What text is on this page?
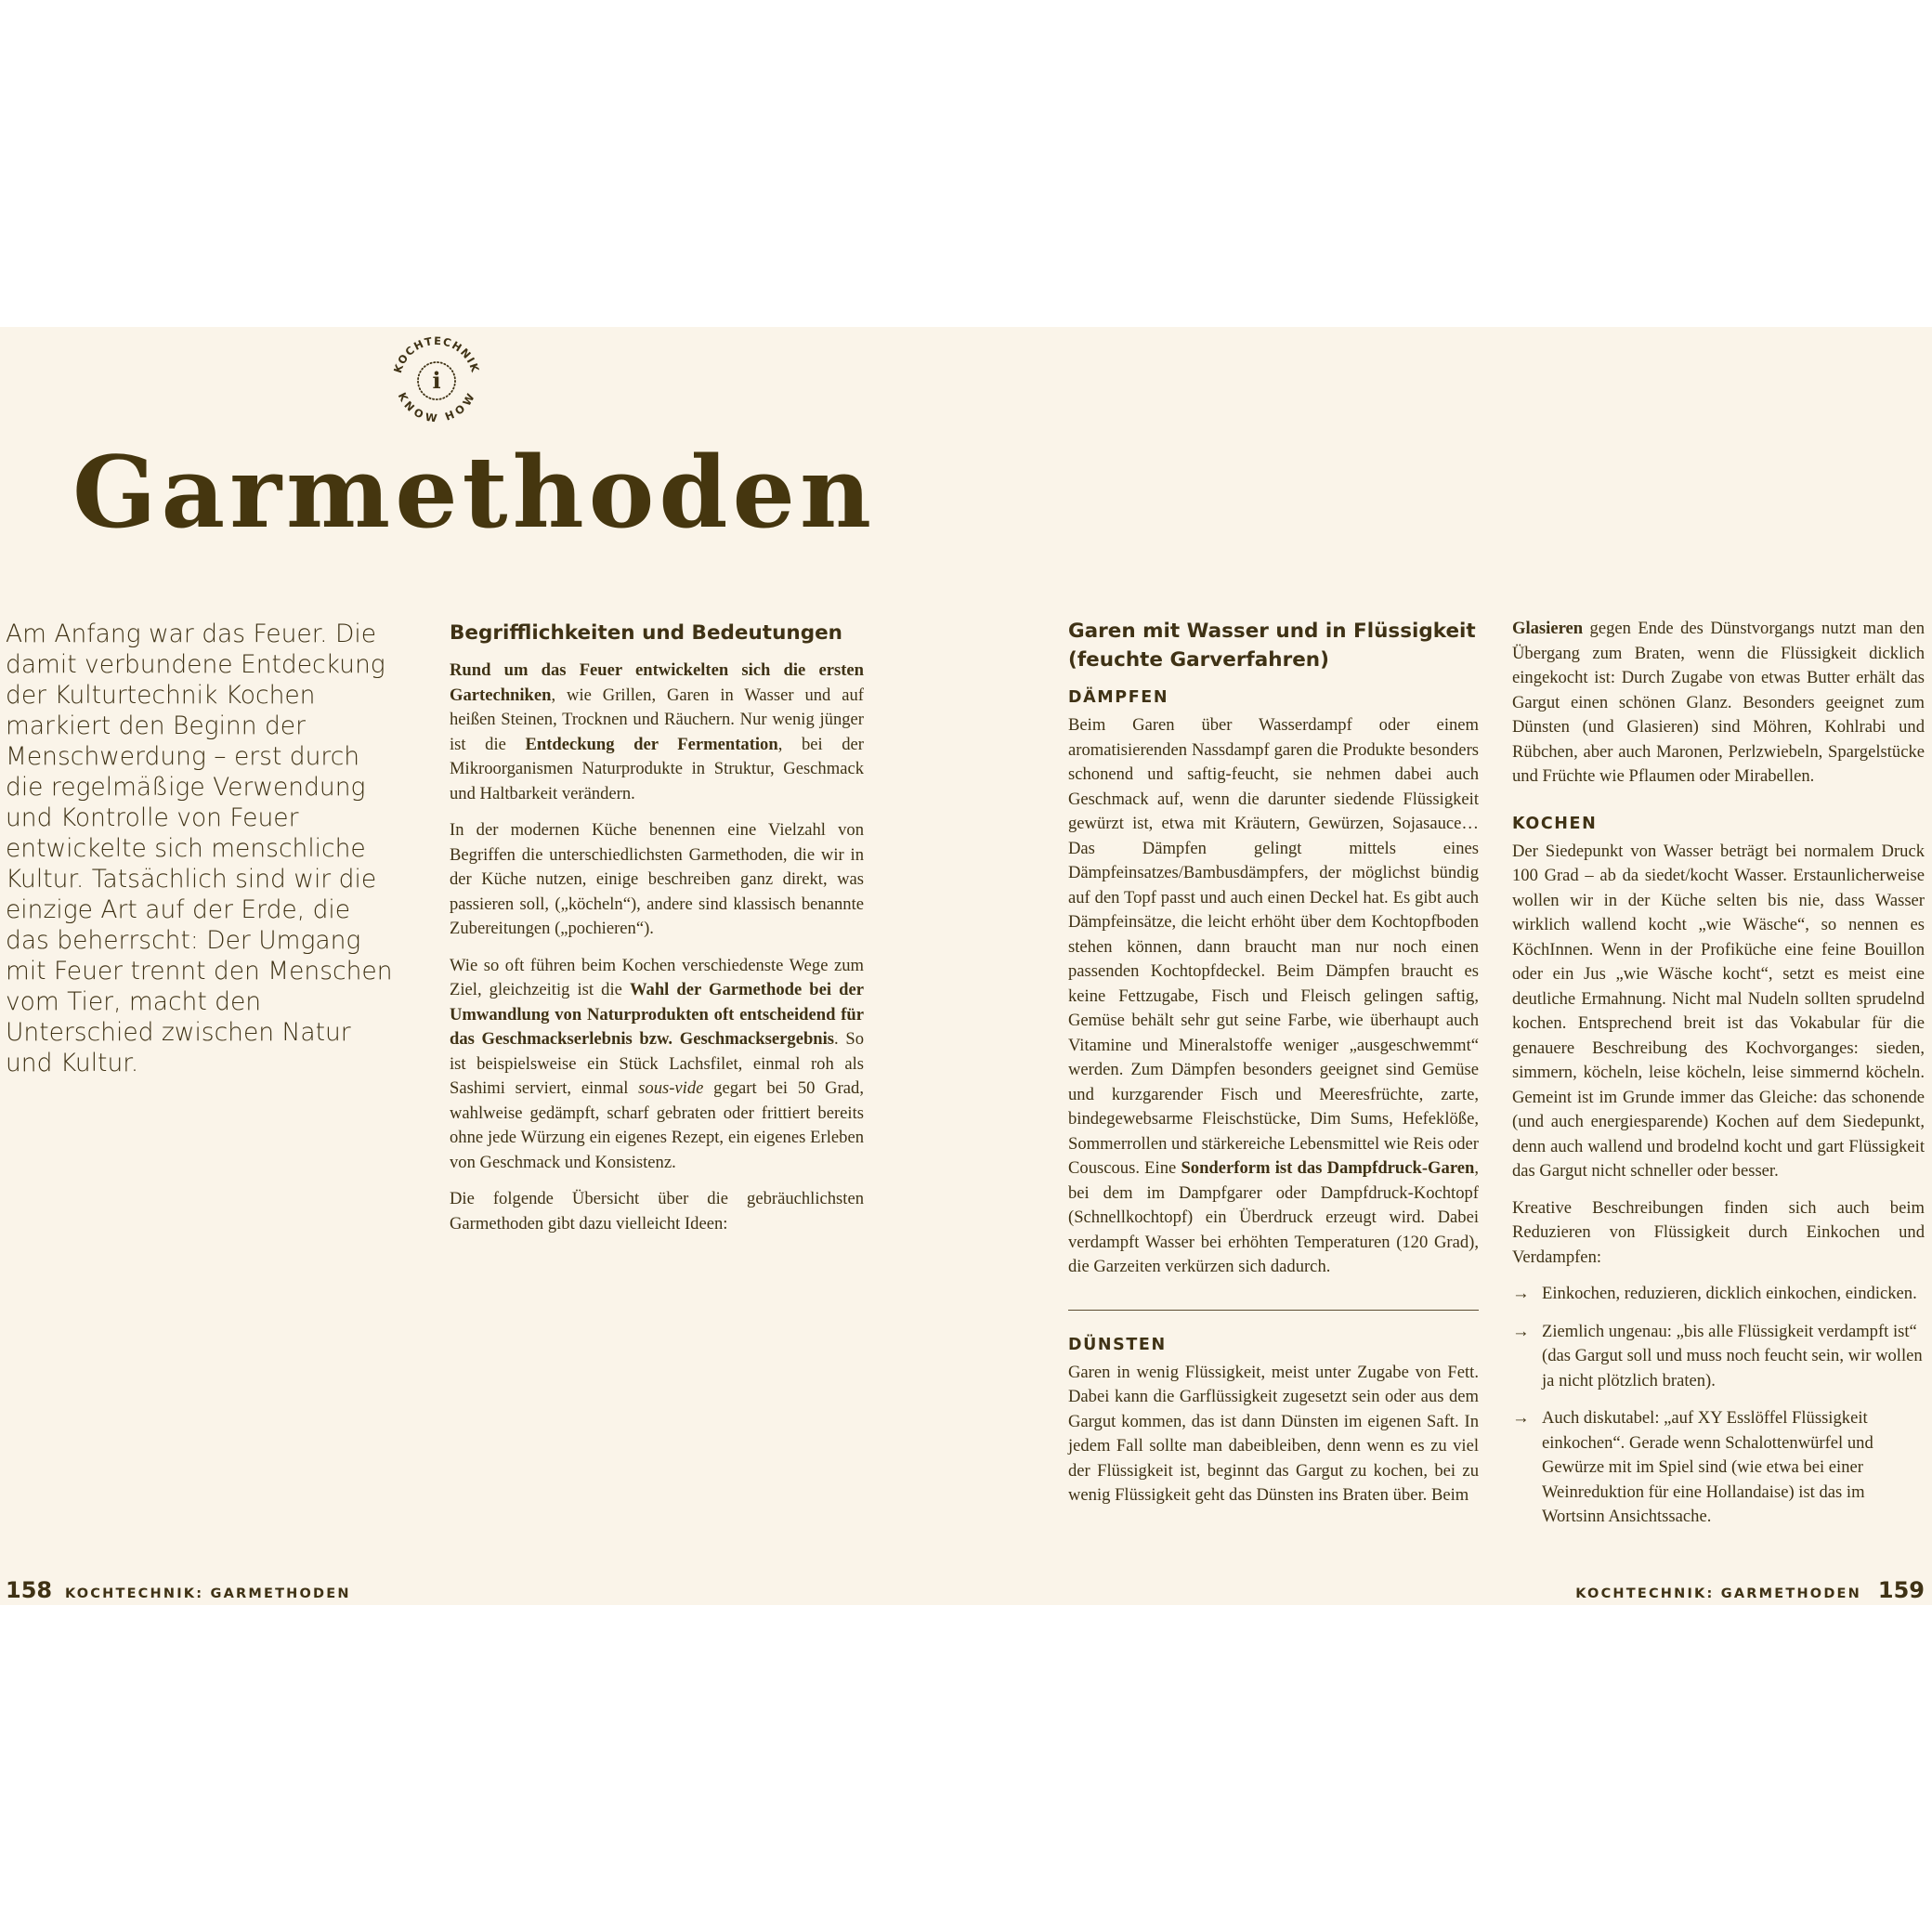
KOCHTECHNIK
KNOW HOW
i
Garmethoden

Am Anfang war das Feuer. Die damit verbundene Entdeckung der Kulturtechnik Kochen markiert den Beginn der Menschwerdung – erst durch die regelmäßige Verwendung und Kontrolle von Feuer entwickelte sich menschliche Kultur. Tatsächlich sind wir die einzige Art auf der Erde, die das beherrscht: Der Umgang mit Feuer trennt den Menschen vom Tier, macht den Unterschied zwischen Natur und Kultur.

Begrifflichkeiten und Bedeutungen

Rund um das Feuer entwickelten sich die ersten Gartechniken, wie Grillen, Garen in Wasser und auf heißen Steinen, Trocknen und Räuchern. Nur wenig jünger ist die Entdeckung der Fermentation, bei der Mikroorganismen Naturprodukte in Struktur, Geschmack und Haltbarkeit verändern.

In der modernen Küche benennen eine Vielzahl von Begriffen die unterschiedlichsten Garmethoden, die wir in der Küche nutzen, einige beschreiben ganz direkt, was passieren soll, („köcheln“), andere sind klassisch benannte Zubereitungen („pochieren“).

Wie so oft führen beim Kochen verschiedenste Wege zum Ziel, gleichzeitig ist die Wahl der Garmethode bei der Umwandlung von Naturprodukten oft entscheidend für das Geschmackserlebnis bzw. Geschmacksergebnis. So ist beispielsweise ein Stück Lachsfilet, einmal roh als Sashimi serviert, einmal sous-vide gegart bei 50 Grad, wahlweise gedämpft, scharf gebraten oder frittiert bereits ohne jede Würzung ein eigenes Rezept, ein eigenes Erleben von Geschmack und Konsistenz.

Die folgende Übersicht über die gebräuchlichsten Garmethoden gibt dazu vielleicht Ideen:

Garen mit Wasser und in Flüssigkeit (feuchte Garverfahren)
DÄMPFEN

Beim Garen über Wasserdampf oder einem aromatisierenden Nassdampf garen die Produkte besonders schonend und saftig-feucht, sie nehmen dabei auch Geschmack auf, wenn die darunter siedende Flüssigkeit gewürzt ist, etwa mit Kräutern, Gewürzen, Sojasauce… Das Dämpfen gelingt mittels eines Dämpfeinsatzes/Bambusdämpfers, der möglichst bündig auf den Topf passt und auch einen Deckel hat. Es gibt auch Dämpfeinsätze, die leicht erhöht über dem Kochtopfboden stehen können, dann braucht man nur noch einen passenden Kochtopfdeckel. Beim Dämpfen braucht es keine Fettzugabe, Fisch und Fleisch gelingen saftig, Gemüse behält sehr gut seine Farbe, wie überhaupt auch Vitamine und Mineralstoffe weniger „ausgeschwemmt“ werden. Zum Dämpfen besonders geeignet sind Gemüse und kurzgarender Fisch und Meeresfrüchte, zarte, bindegewebsarme Fleischstücke, Dim Sums, Hefeklöße, Sommerrollen und stärkereiche Lebensmittel wie Reis oder Couscous. Eine Sonderform ist das Dampfdruck-Garen, bei dem im Dampfgarer oder Dampfdruck-Kochtopf (Schnellkochtopf) ein Überdruck erzeugt wird. Dabei verdampft Wasser bei erhöhten Temperaturen (120 Grad), die Garzeiten verkürzen sich dadurch.

DÜNSTEN

Garen in wenig Flüssigkeit, meist unter Zugabe von Fett. Dabei kann die Garflüssigkeit zugesetzt sein oder aus dem Gargut kommen, das ist dann Dünsten im eigenen Saft. In jedem Fall sollte man dabeibleiben, denn wenn es zu viel der Flüssigkeit ist, beginnt das Gargut zu kochen, bei zu wenig Flüssigkeit geht das Dünsten ins Braten über. Beim

Glasieren gegen Ende des Dünstvorgangs nutzt man den Übergang zum Braten, wenn die Flüssigkeit dicklich eingekocht ist: Durch Zugabe von etwas Butter erhält das Gargut einen schönen Glanz. Besonders geeignet zum Dünsten (und Glasieren) sind Möhren, Kohlrabi und Rübchen, aber auch Maronen, Perlzwiebeln, Spargelstücke und Früchte wie Pflaumen oder Mirabellen.

KOCHEN

Der Siedepunkt von Wasser beträgt bei normalem Druck 100 Grad – ab da siedet/kocht Wasser. Erstaunlicherweise wollen wir in der Küche selten bis nie, dass Wasser wirklich wallend kocht „wie Wäsche“, so nennen es KöchInnen. Wenn in der Profiküche eine feine Bouillon oder ein Jus „wie Wäsche kocht“, setzt es meist eine deutliche Ermahnung. Nicht mal Nudeln sollten sprudelnd kochen. Entsprechend breit ist das Vokabular für die genauere Beschreibung des Kochvorganges: sieden, simmern, köcheln, leise köcheln, leise simmernd köcheln. Gemeint ist im Grunde immer das Gleiche: das schonende (und auch energiesparende) Kochen auf dem Siedepunkt, denn auch wallend und brodelnd kocht und gart Flüssigkeit das Gargut nicht schneller oder besser.

Kreative Beschreibungen finden sich auch beim Reduzieren von Flüssigkeit durch Einkochen und Verdampfen:

→ Einkochen, reduzieren, dicklich einkochen, eindicken.
→ Ziemlich ungenau: „bis alle Flüssigkeit verdampft ist“ (das Gargut soll und muss noch feucht sein, wir wollen ja nicht plötzlich braten).
→ Auch diskutabel: „auf XY Esslöffel Flüssigkeit einkochen“. Gerade wenn Schalottenwürfel und Gewürze mit im Spiel sind (wie etwa bei einer Weinreduktion für eine Hollandaise) ist das im Wortsinn Ansichtssache.
158 KOCHTECHNIK: GARMETHODEN	KOCHTECHNIK: GARMETHODEN 159
